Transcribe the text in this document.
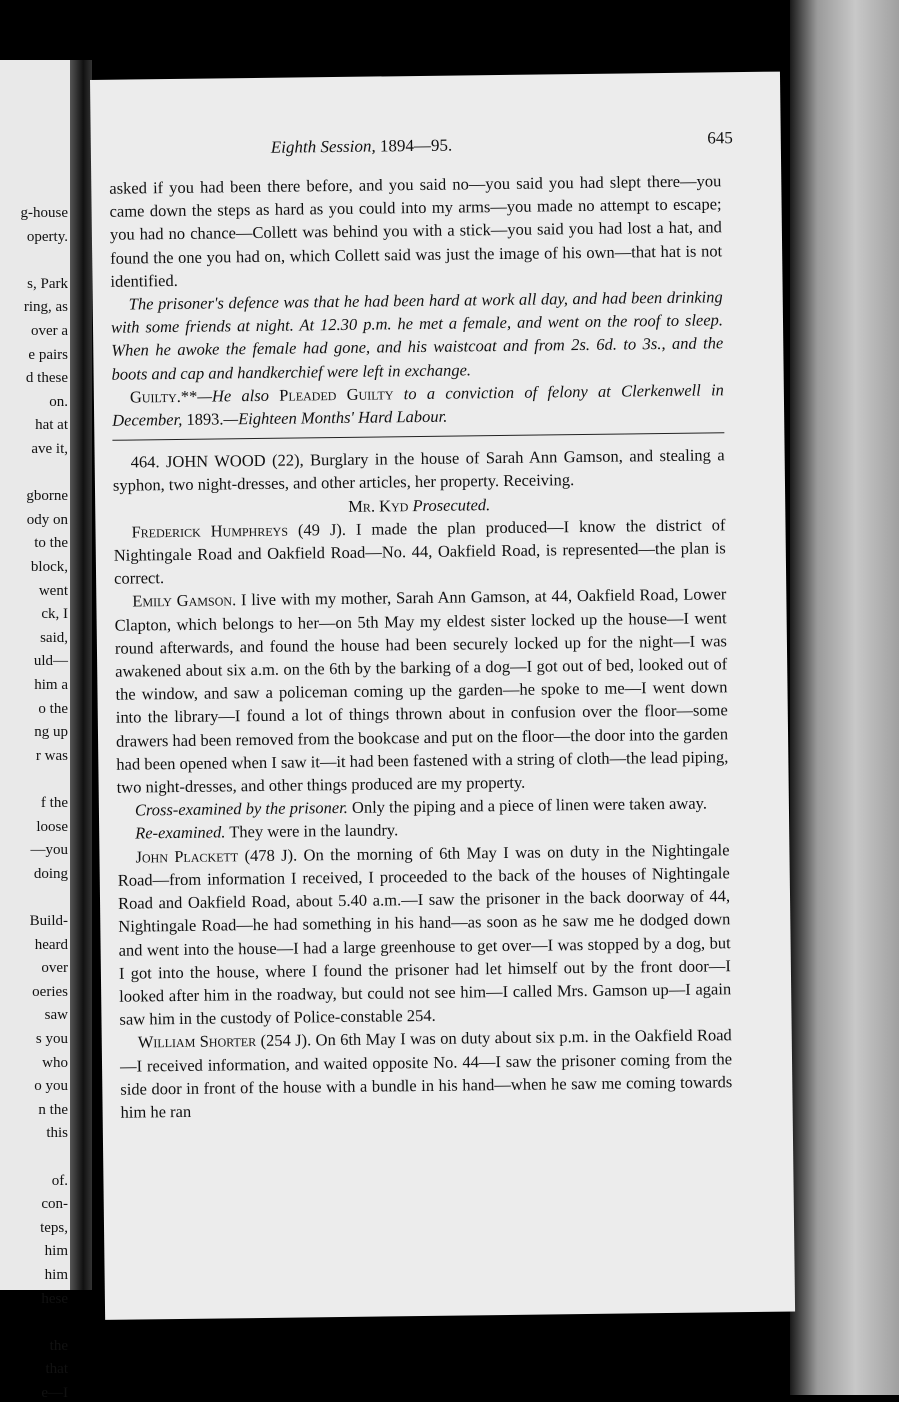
g-house
operty.
s, Park
ring, as
over a
e pairs
d these
on.
hat at
ave it,
gborne
ody on
to the
block,
went
ck, I
said,
uld—
him a
o the
ng up
r was
f the
loose
—you
doing
Build-
heard
over
oeries
saw
s you
who
o you
n the
this
of.
con-
teps,
him
him
hese
the
that
e—I
Eighth Session, 1894—95.	645

asked if you had been there before, and you said no—you said you had slept there—you came down the steps as hard as you could into my arms—you made no attempt to escape; you had no chance—Collett was behind you with a stick—you said you had lost a hat, and found the one you had on, which Collett said was just the image of his own—that hat is not identified.

The prisoner's defence was that he had been hard at work all day, and had been drinking with some friends at night. At 12.30 p.m. he met a female, and went on the roof to sleep. When he awoke the female had gone, and his waistcoat and from 2s. 6d. to 3s., and the boots and cap and handkerchief were left in exchange.

Guilty.**—He also Pleaded Guilty to a conviction of felony at Clerkenwell in December, 1893.—Eighteen Months' Hard Labour.

464. JOHN WOOD (22), Burglary in the house of Sarah Ann Gamson, and stealing a syphon, two night-dresses, and other articles, her property. Receiving.

Mr. Kyd Prosecuted.

Frederick Humphreys (49 J). I made the plan produced—I know the district of Nightingale Road and Oakfield Road—No. 44, Oakfield Road, is represented—the plan is correct.

Emily Gamson. I live with my mother, Sarah Ann Gamson, at 44, Oakfield Road, Lower Clapton, which belongs to her—on 5th May my eldest sister locked up the house—I went round afterwards, and found the house had been securely locked up for the night—I was awakened about six a.m. on the 6th by the barking of a dog—I got out of bed, looked out of the window, and saw a policeman coming up the garden—he spoke to me—I went down into the library—I found a lot of things thrown about in confusion over the floor—some drawers had been removed from the bookcase and put on the floor—the door into the garden had been opened when I saw it—it had been fastened with a string of cloth—the lead piping, two night-dresses, and other things produced are my property.

Cross-examined by the prisoner. Only the piping and a piece of linen were taken away.

Re-examined. They were in the laundry.

John Plackett (478 J). On the morning of 6th May I was on duty in the Nightingale Road—from information I received, I proceeded to the back of the houses of Nightingale Road and Oakfield Road, about 5.40 a.m.—I saw the prisoner in the back doorway of 44, Nightingale Road—he had something in his hand—as soon as he saw me he dodged down and went into the house—I had a large greenhouse to get over—I was stopped by a dog, but I got into the house, where I found the prisoner had let himself out by the front door—I looked after him in the roadway, but could not see him—I called Mrs. Gamson up—I again saw him in the custody of Police-constable 254.

William Shorter (254 J). On 6th May I was on duty about six p.m. in the Oakfield Road—I received information, and waited opposite No. 44—I saw the prisoner coming from the side door in front of the house with a bundle in his hand—when he saw me coming towards him he ran
